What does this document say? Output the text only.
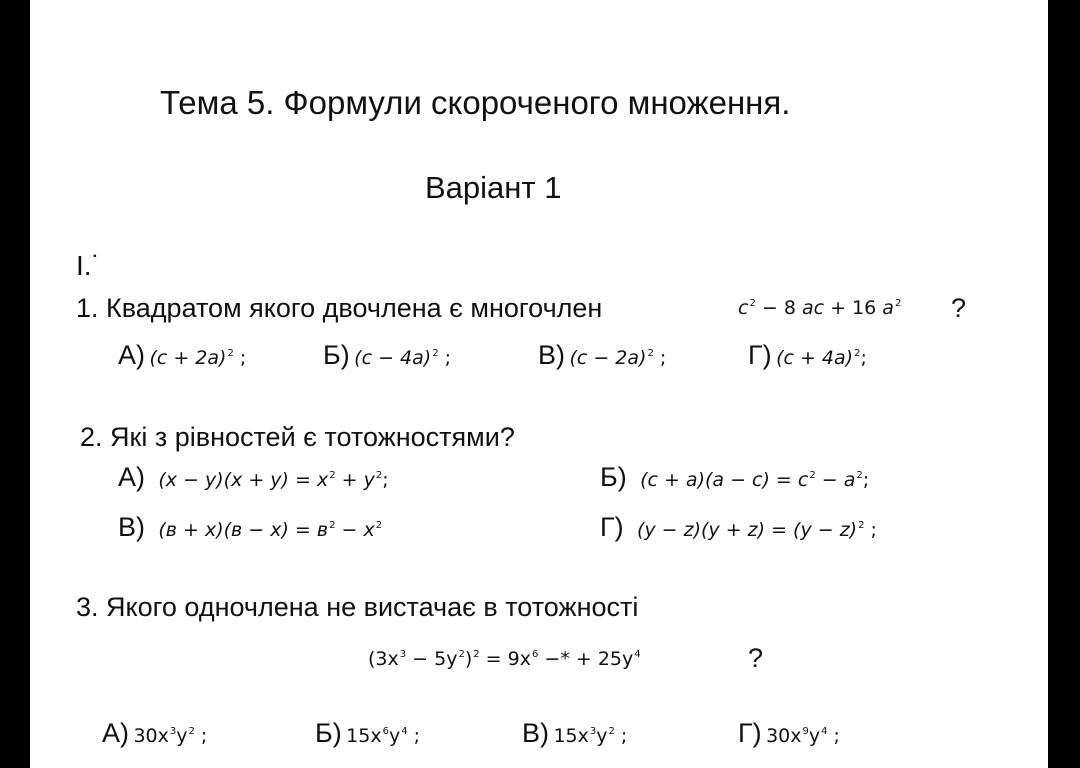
Тема 5. Формули скороченого множення.
Варіант 1
I.˙
1. Квадратом якого двочлена є многочлен	$c^2 - 8$ ac + 16 $a^2$ ?
А) $(c + 2a)^2$ ;	Б) $(c - 4a)^2$ ;	В) $(c - 2a)^2$ ;	Г) $(c + 4a)^2$;
2. Які з рівностей є тотожностями?
А) $(x - y)(x + y) = x^2 + y^2$;	Б) $(c + a)(a - c) = c^2 - a^2$;
В) $(в + x)(в - x) = в^2 - x^2$	Г) $(y - z)(y + z) = (y - z)^2$ ;
3. Якого одночлена не вистачає в тотожності
$(3x^3 - 5y^2)^2 = 9x^6$ −* + $25y^4$	?
А) $30x^3y^2$ ;	Б) $15x^6y^4$ ;	В) $15x^3y^2$ ;	Г) $30x^9y^4$ ;
